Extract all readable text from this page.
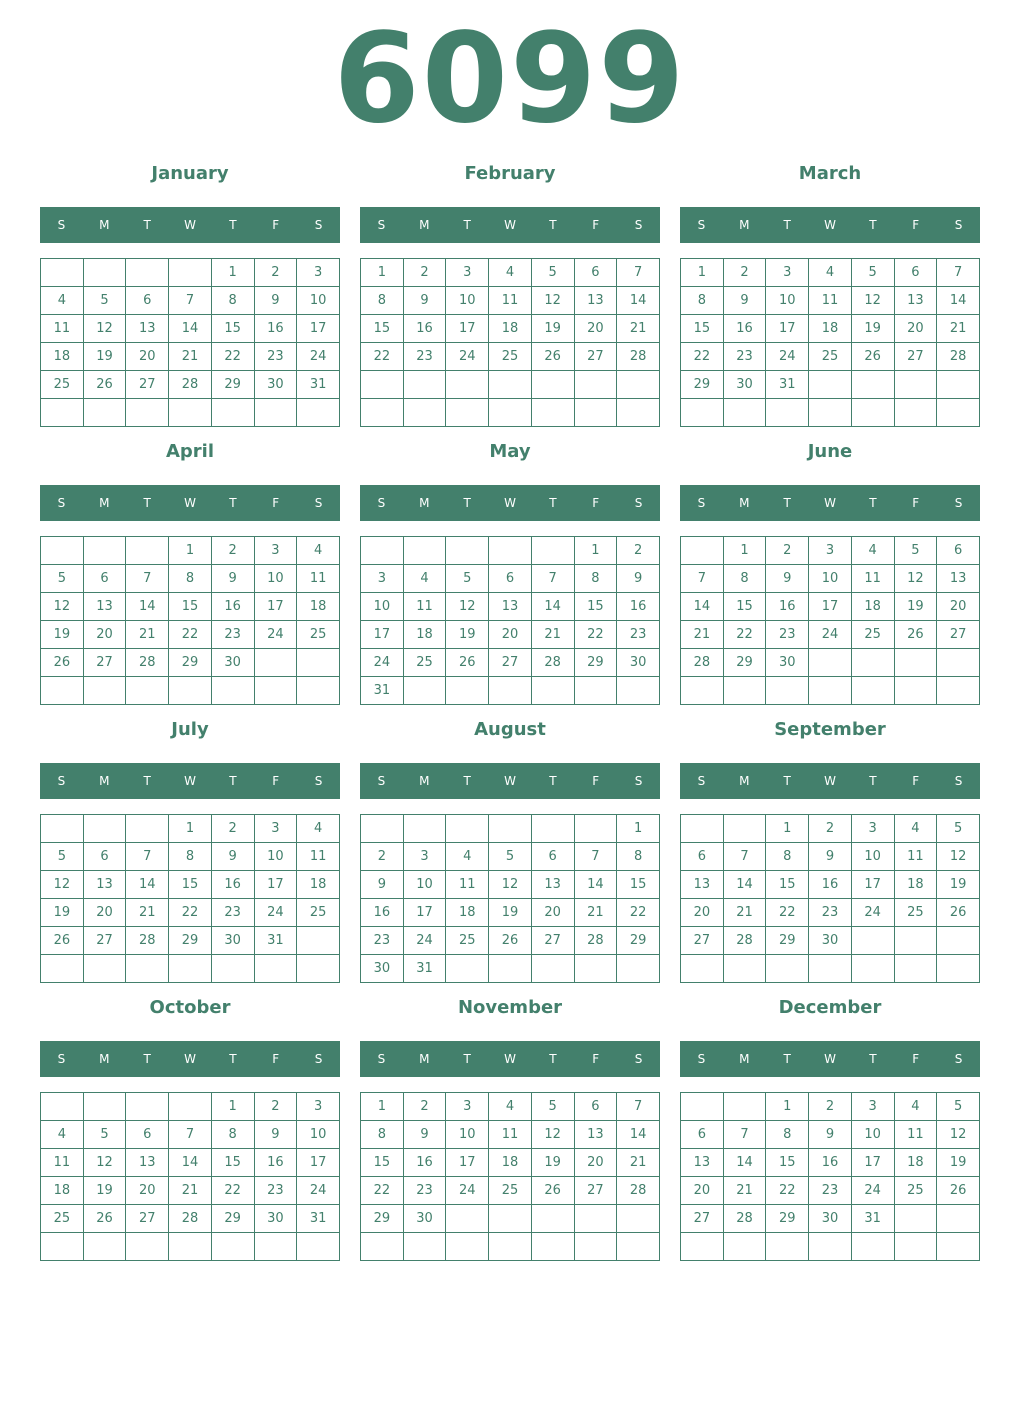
6099
January
S	M	T	W	T	F	S
				1	2	3
4	5	6	7	8	9	10
11	12	13	14	15	16	17
18	19	20	21	22	23	24
25	26	27	28	29	30	31

February
S	M	T	W	T	F	S
1	2	3	4	5	6	7
8	9	10	11	12	13	14
15	16	17	18	19	20	21
22	23	24	25	26	27	28

March
S	M	T	W	T	F	S
1	2	3	4	5	6	7
8	9	10	11	12	13	14
15	16	17	18	19	20	21
22	23	24	25	26	27	28
29	30	31				

April
S	M	T	W	T	F	S
			1	2	3	4
5	6	7	8	9	10	11
12	13	14	15	16	17	18
19	20	21	22	23	24	25
26	27	28	29	30		

May
S	M	T	W	T	F	S
					1	2
3	4	5	6	7	8	9
10	11	12	13	14	15	16
17	18	19	20	21	22	23
24	25	26	27	28	29	30
31						
June
S	M	T	W	T	F	S
	1	2	3	4	5	6
7	8	9	10	11	12	13
14	15	16	17	18	19	20
21	22	23	24	25	26	27
28	29	30				

July
S	M	T	W	T	F	S
			1	2	3	4
5	6	7	8	9	10	11
12	13	14	15	16	17	18
19	20	21	22	23	24	25
26	27	28	29	30	31	

August
S	M	T	W	T	F	S
						1
2	3	4	5	6	7	8
9	10	11	12	13	14	15
16	17	18	19	20	21	22
23	24	25	26	27	28	29
30	31					
September
S	M	T	W	T	F	S
		1	2	3	4	5
6	7	8	9	10	11	12
13	14	15	16	17	18	19
20	21	22	23	24	25	26
27	28	29	30			

October
S	M	T	W	T	F	S
				1	2	3
4	5	6	7	8	9	10
11	12	13	14	15	16	17
18	19	20	21	22	23	24
25	26	27	28	29	30	31

November
S	M	T	W	T	F	S
1	2	3	4	5	6	7
8	9	10	11	12	13	14
15	16	17	18	19	20	21
22	23	24	25	26	27	28
29	30					

December
S	M	T	W	T	F	S
		1	2	3	4	5
6	7	8	9	10	11	12
13	14	15	16	17	18	19
20	21	22	23	24	25	26
27	28	29	30	31		
